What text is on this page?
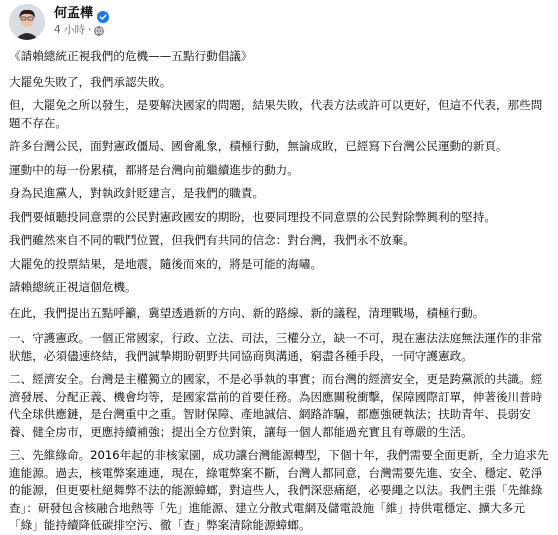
何孟樺
4 小時 ·

《請賴總統正視我們的危機——五點行動倡議》

大罷免失敗了，我們承認失敗。

但，大罷免之所以發生，是要解決國家的問題，結果失敗，代表方法或許可以更好，但這不代表，那些問題不存在。

許多台灣公民，面對憲政僵局、國會亂象，積極行動，無論成敗，已經寫下台灣公民運動的新頁。

運動中的每一份累積，都將是台灣向前繼續進步的動力。

身為民進黨人，對執政針貶建言，是我們的職責。

我們要傾聽投同意票的公民對憲政國安的期盼，也要同理投不同意票的公民對除弊興利的堅持。

我們雖然來自不同的戰鬥位置，但我們有共同的信念：對台灣，我們永不放棄。

大罷免的投票結果，是地震，隨後而來的，將是可能的海嘯。

請賴總統正視這個危機。

在此，我們提出五點呼籲，冀望透過新的方向、新的路線、新的議程，清理戰場，積極行動。

一、守護憲政。一個正常國家，行政、立法、司法，三權分立，缺一不可，現在憲法法庭無法運作的非常狀態，必須儘速終結，我們誠摯期盼朝野共同協商與溝通，窮盡各種手段，一同守護憲政。

二、經濟安全。台灣是主權獨立的國家，不是必爭執的事實；而台灣的經濟安全，更是跨黨派的共識。經濟發展、分配正義、機會均等，是國家當前的首要任務。為因應關稅衝擊，保障國際訂單，伸著後川普時代全球供應鏈，是台灣重中之重。智財保障、產地誠信、網路詐騙，都應強硬執法；扶助青年、長弱安養、健全房市，更應持續補強；提出全方位對策，讓每一個人都能過充實且有尊嚴的生活。

三、先維綠命。2016年起的非核家園，成功讓台灣能源轉型，下個十年，我們需要全面更新，全力追求先進能源。過去，核電弊案連連，現在，綠電弊案不斷，台灣人都同意，台灣需要先進、安全、穩定、乾淨的能源，但更要杜絕舞弊不法的能源蟑螂，對這些人，我們深惡痛絕，必要繩之以法。我們主張「先維綠查」：研發包含核融合地熱等「先」進能源、建立分散式電網及儲電設施「維」持供電穩定、擴大多元「綠」能持續降低碳排空污、徹「查」弊案清除能源蟑螂。
